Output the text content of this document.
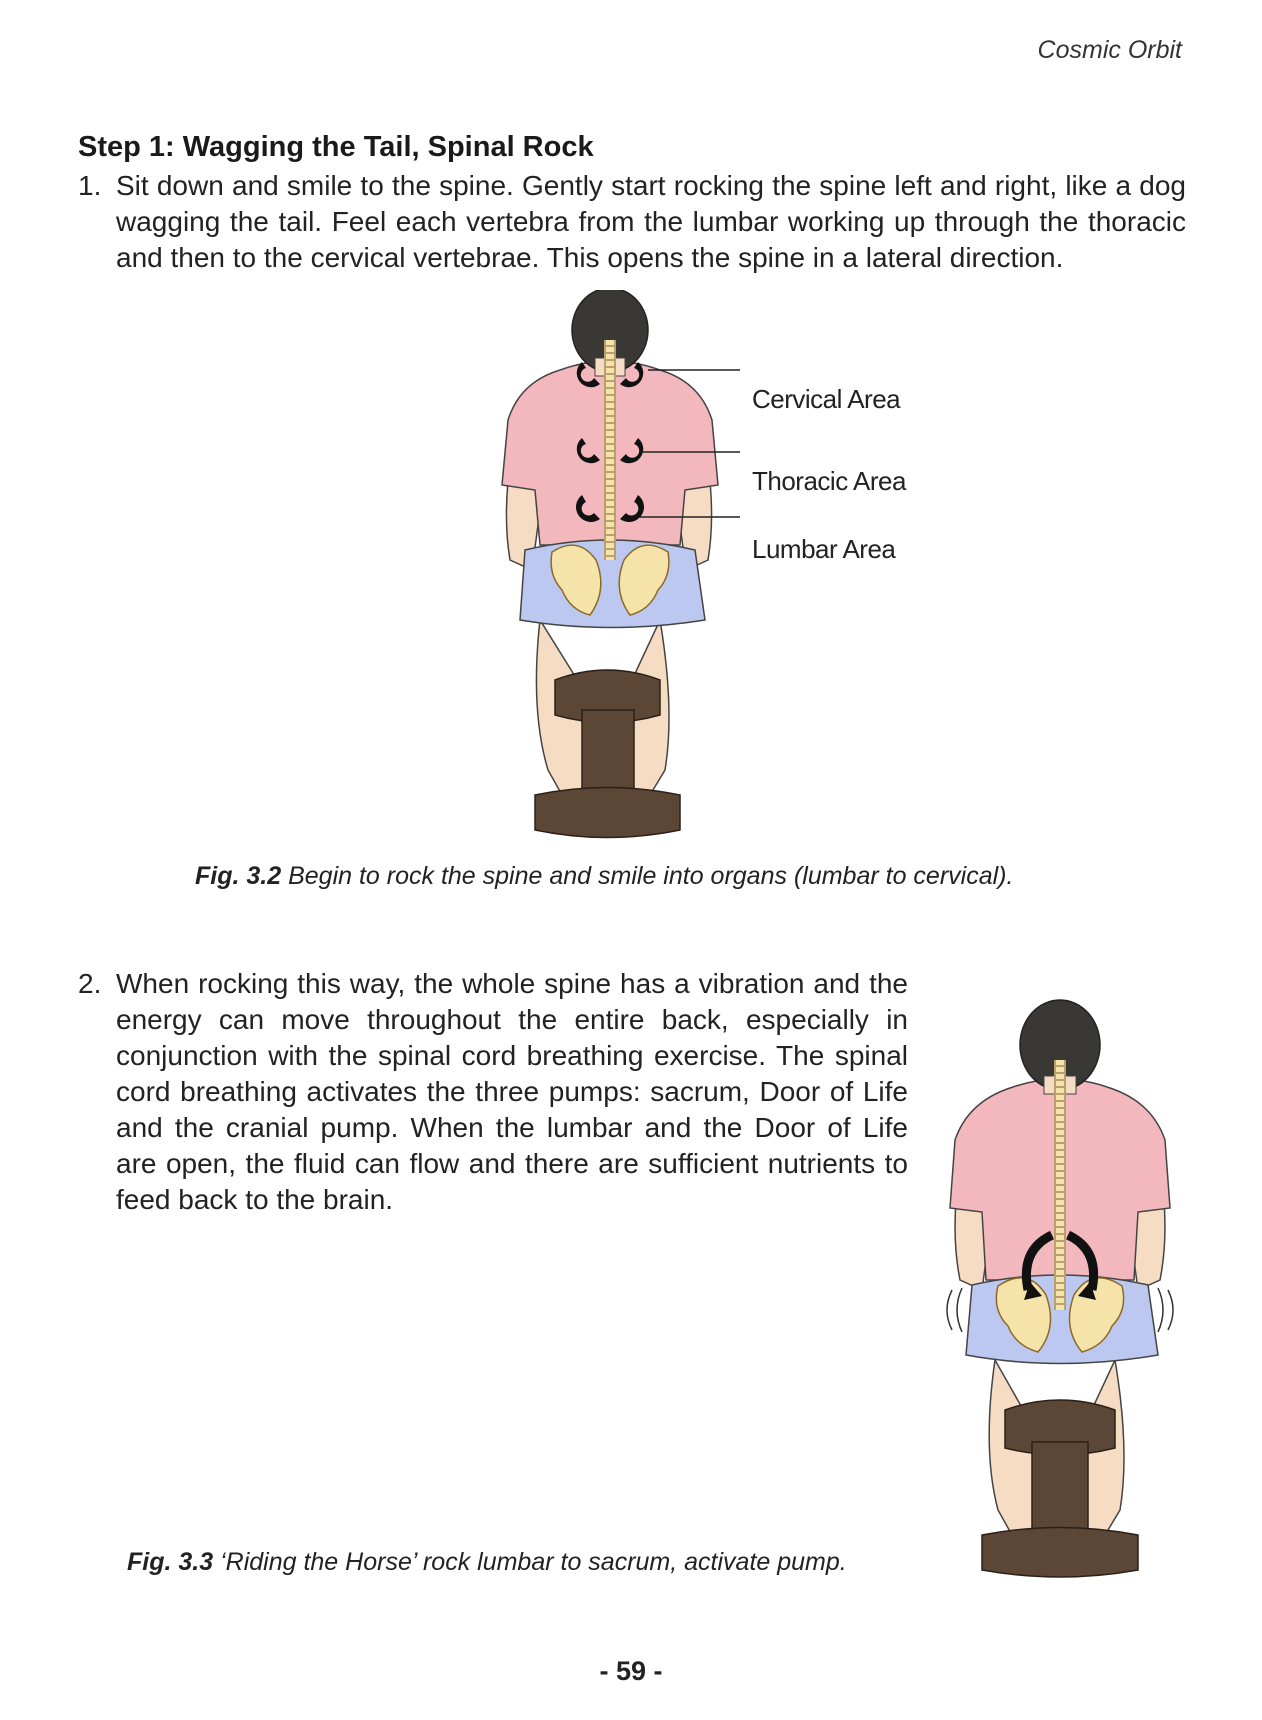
Cosmic Orbit
Step 1: Wagging the Tail, Spinal Rock
1. Sit down and smile to the spine. Gently start rocking the spine left and right, like a dog wagging the tail. Feel each vertebra from the lumbar working up through the thoracic and then to the cervical vertebrae. This opens the spine in a lateral direction.
Cervical Area
Thoracic Area
Lumbar Area
Fig. 3.2 Begin to rock the spine and smile into organs (lumbar to cervical).
2. When rocking this way, the whole spine has a vibration and the energy can move throughout the entire back, especially in conjunction with the spinal cord breathing exercise. The spinal cord breathing activates the three pumps: sacrum, Door of Life and the cranial pump. When the lumbar and the Door of Life are open, the fluid can flow and there are sufficient nutrients to feed back to the brain.
Fig. 3.3 ‘Riding the Horse’ rock lumbar to sacrum, activate pump.
- 59 -
